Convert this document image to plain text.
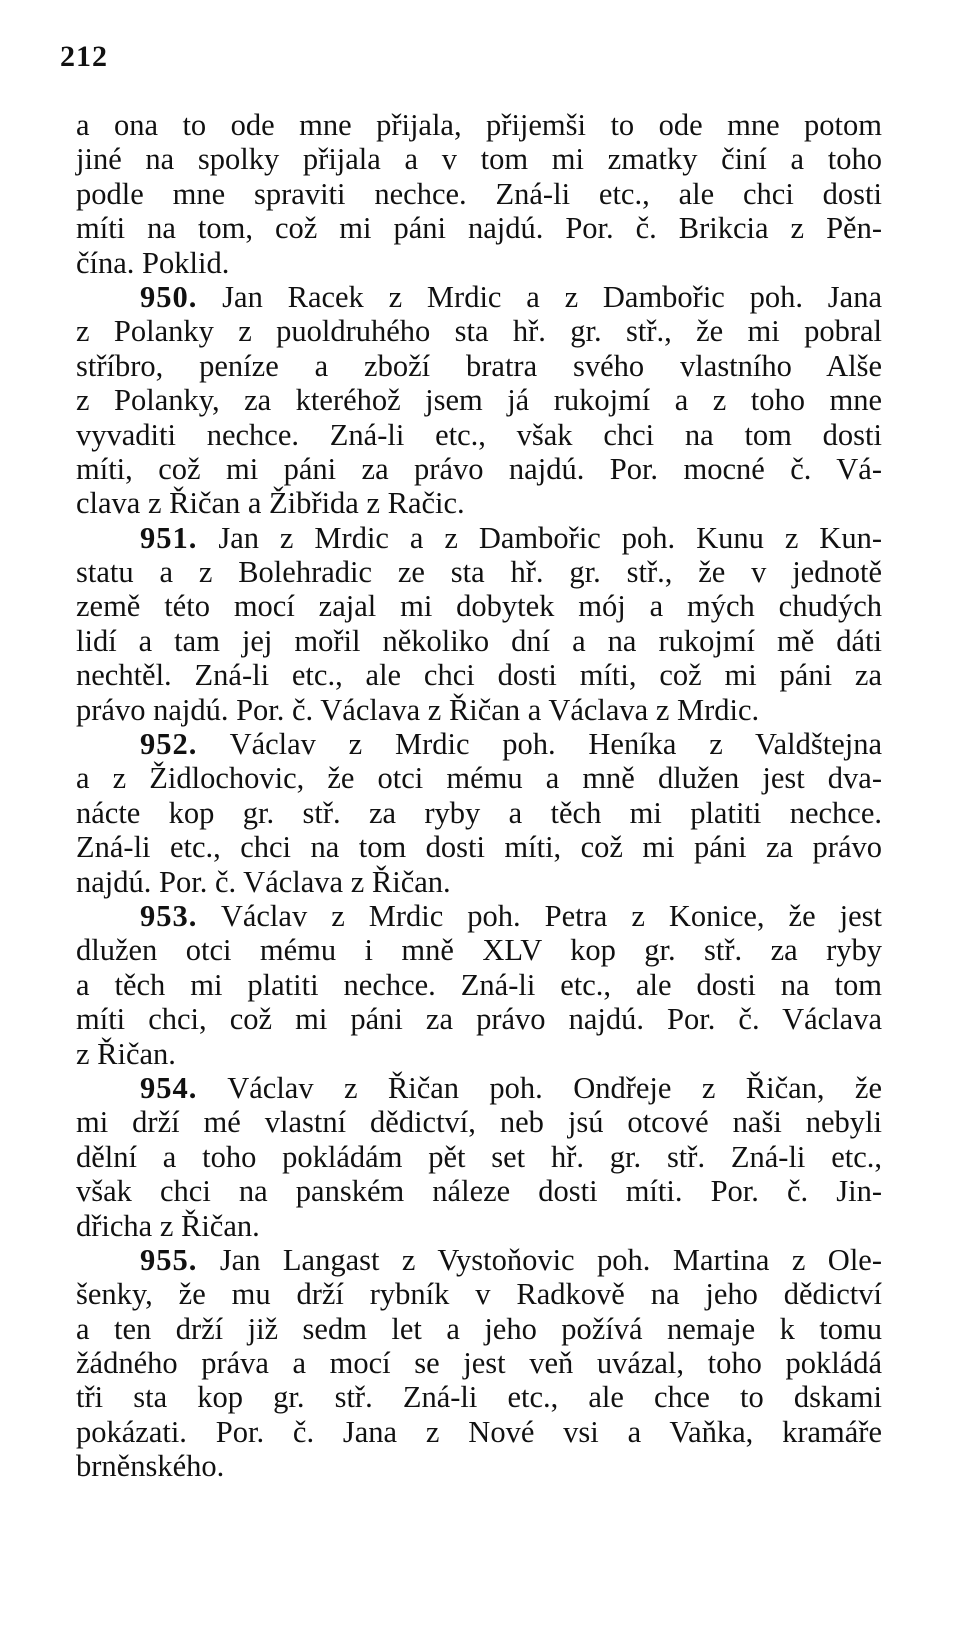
212
a ona to ode mne přijala, přijemši to ode mne potom
jiné na spolky přijala a v tom mi zmatky činí a toho
podle mne spraviti nechce. Zná-li etc., ale chci dosti
míti na tom, což mi páni najdú. Por. č. Brikcia z Pěn-
čína. Poklid.
950. Jan Racek z Mrdic a z Dambořic poh. Jana
z Polanky z puoldruhého sta hř. gr. stř., že mi pobral
stříbro, peníze a zboží bratra svého vlastního Alše
z Polanky, za kteréhož jsem já rukojmí a z toho mne
vyvaditi nechce. Zná-li etc., však chci na tom dosti
míti, což mi páni za právo najdú. Por. mocné č. Vá-
clava z Řičan a Žibřida z Račic.
951. Jan z Mrdic a z Dambořic poh. Kunu z Kun-
statu a z Bolehradic ze sta hř. gr. stř., že v jednotě
země této mocí zajal mi dobytek mój a mých chudých
lidí a tam jej mořil několiko dní a na rukojmí mě dáti
nechtěl. Zná-li etc., ale chci dosti míti, což mi páni za
právo najdú. Por. č. Václava z Řičan a Václava z Mrdic.
952. Václav z Mrdic poh. Heníka z Valdštejna
a z Židlochovic, že otci mému a mně dlužen jest dva-
nácte kop gr. stř. za ryby a těch mi platiti nechce.
Zná-li etc., chci na tom dosti míti, což mi páni za právo
najdú. Por. č. Václava z Řičan.
953. Václav z Mrdic poh. Petra z Konice, že jest
dlužen otci mému i mně XLV kop gr. stř. za ryby
a těch mi platiti nechce. Zná-li etc., ale dosti na tom
míti chci, což mi páni za právo najdú. Por. č. Václava
z Řičan.
954. Václav z Řičan poh. Ondřeje z Řičan, že
mi drží mé vlastní dědictví, neb jsú otcové naši nebyli
dělní a toho pokládám pět set hř. gr. stř. Zná-li etc.,
však chci na panském náleze dosti míti. Por. č. Jin-
dřicha z Řičan.
955. Jan Langast z Vystoňovic poh. Martina z Ole-
šenky, že mu drží rybník v Radkově na jeho dědictví
a ten drží již sedm let a jeho požívá nemaje k tomu
žádného práva a mocí se jest veň uvázal, toho pokládá
tři sta kop gr. stř. Zná-li etc., ale chce to dskami
pokázati. Por. č. Jana z Nové vsi a Vaňka, kramáře
brněnského.
